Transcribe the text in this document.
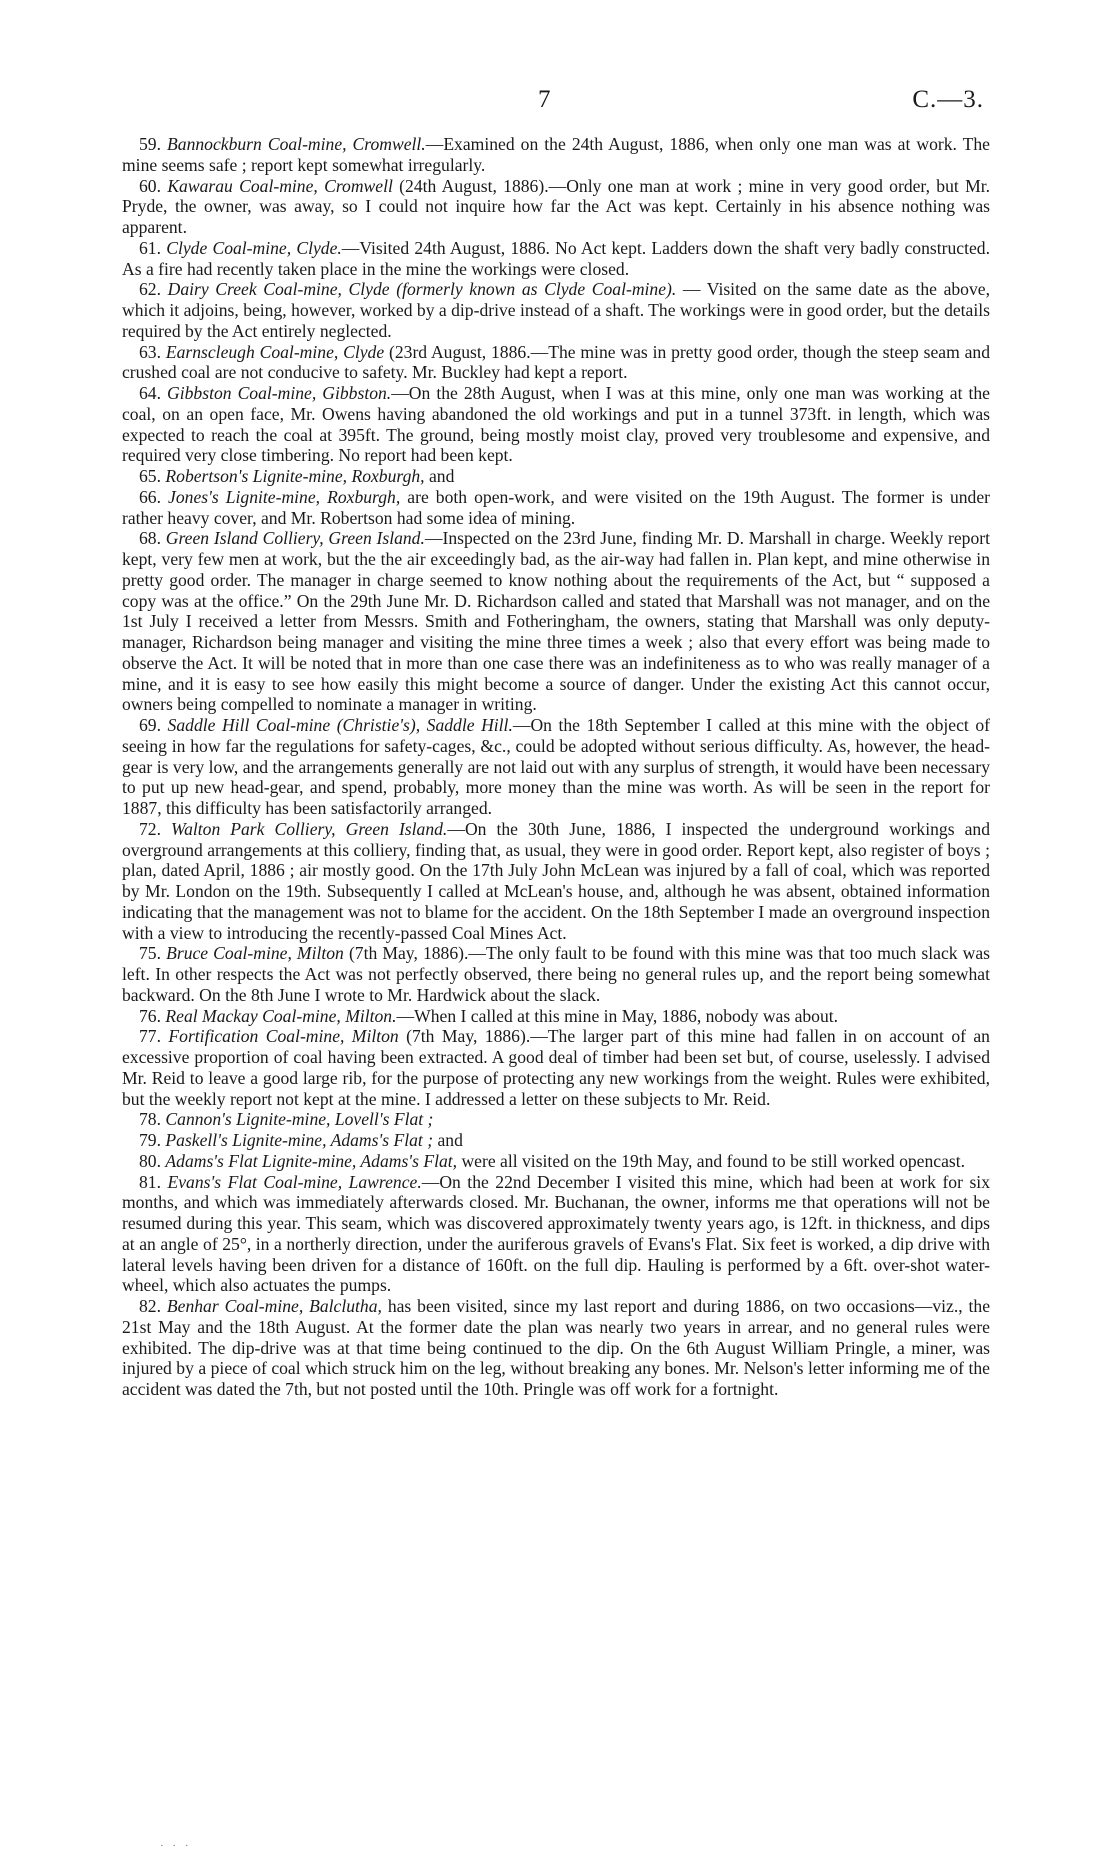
7	C.—3.

59. Bannockburn Coal-mine, Cromwell.—Examined on the 24th August, 1886, when only one man was at work. The mine seems safe ; report kept somewhat irregularly.

60. Kawarau Coal-mine, Cromwell (24th August, 1886).—Only one man at work ; mine in very good order, but Mr. Pryde, the owner, was away, so I could not inquire how far the Act was kept. Certainly in his absence nothing was apparent.

61. Clyde Coal-mine, Clyde.—Visited 24th August, 1886. No Act kept. Ladders down the shaft very badly constructed. As a fire had recently taken place in the mine the workings were closed.

62. Dairy Creek Coal-mine, Clyde (formerly known as Clyde Coal-mine). — Visited on the same date as the above, which it adjoins, being, however, worked by a dip-drive instead of a shaft. The workings were in good order, but the details required by the Act entirely neglected.

63. Earnscleugh Coal-mine, Clyde (23rd August, 1886.—The mine was in pretty good order, though the steep seam and crushed coal are not conducive to safety. Mr. Buckley had kept a report.

64. Gibbston Coal-mine, Gibbston.—On the 28th August, when I was at this mine, only one man was working at the coal, on an open face, Mr. Owens having abandoned the old workings and put in a tunnel 373ft. in length, which was expected to reach the coal at 395ft. The ground, being mostly moist clay, proved very troublesome and expensive, and required very close timbering. No report had been kept.

65. Robertson's Lignite-mine, Roxburgh, and

66. Jones's Lignite-mine, Roxburgh, are both open-work, and were visited on the 19th August. The former is under rather heavy cover, and Mr. Robertson had some idea of mining.

68. Green Island Colliery, Green Island.—Inspected on the 23rd June, finding Mr. D. Marshall in charge. Weekly report kept, very few men at work, but the the air exceedingly bad, as the air-way had fallen in. Plan kept, and mine otherwise in pretty good order. The manager in charge seemed to know nothing about the requirements of the Act, but “ supposed a copy was at the office.” On the 29th June Mr. D. Richardson called and stated that Marshall was not manager, and on the 1st July I received a letter from Messrs. Smith and Fotheringham, the owners, stating that Marshall was only deputy-manager, Richardson being manager and visiting the mine three times a week ; also that every effort was being made to observe the Act. It will be noted that in more than one case there was an indefiniteness as to who was really manager of a mine, and it is easy to see how easily this might become a source of danger. Under the existing Act this cannot occur, owners being compelled to nominate a manager in writing.

69. Saddle Hill Coal-mine (Christie's), Saddle Hill.—On the 18th September I called at this mine with the object of seeing in how far the regulations for safety-cages, &c., could be adopted without serious difficulty. As, however, the head-gear is very low, and the arrangements generally are not laid out with any surplus of strength, it would have been necessary to put up new head-gear, and spend, probably, more money than the mine was worth. As will be seen in the report for 1887, this difficulty has been satisfactorily arranged.

72. Walton Park Colliery, Green Island.—On the 30th June, 1886, I inspected the underground workings and overground arrangements at this colliery, finding that, as usual, they were in good order. Report kept, also register of boys ; plan, dated April, 1886 ; air mostly good. On the 17th July John McLean was injured by a fall of coal, which was reported by Mr. London on the 19th. Subsequently I called at McLean's house, and, although he was absent, obtained information indicating that the management was not to blame for the accident. On the 18th September I made an overground inspection with a view to introducing the recently-passed Coal Mines Act.

75. Bruce Coal-mine, Milton (7th May, 1886).—The only fault to be found with this mine was that too much slack was left. In other respects the Act was not perfectly observed, there being no general rules up, and the report being somewhat backward. On the 8th June I wrote to Mr. Hardwick about the slack.

76. Real Mackay Coal-mine, Milton.—When I called at this mine in May, 1886, nobody was about.

77. Fortification Coal-mine, Milton (7th May, 1886).—The larger part of this mine had fallen in on account of an excessive proportion of coal having been extracted. A good deal of timber had been set but, of course, uselessly. I advised Mr. Reid to leave a good large rib, for the purpose of protecting any new workings from the weight. Rules were exhibited, but the weekly report not kept at the mine. I addressed a letter on these subjects to Mr. Reid.

78. Cannon's Lignite-mine, Lovell's Flat ;

79. Paskell's Lignite-mine, Adams's Flat ; and

80. Adams's Flat Lignite-mine, Adams's Flat, were all visited on the 19th May, and found to be still worked opencast.

81. Evans's Flat Coal-mine, Lawrence.—On the 22nd December I visited this mine, which had been at work for six months, and which was immediately afterwards closed. Mr. Buchanan, the owner, informs me that operations will not be resumed during this year. This seam, which was discovered approximately twenty years ago, is 12ft. in thickness, and dips at an angle of 25°, in a northerly direction, under the auriferous gravels of Evans's Flat. Six feet is worked, a dip drive with lateral levels having been driven for a distance of 160ft. on the full dip. Hauling is performed by a 6ft. over-shot water-wheel, which also actuates the pumps.

82. Benhar Coal-mine, Balclutha, has been visited, since my last report and during 1886, on two occasions—viz., the 21st May and the 18th August. At the former date the plan was nearly two years in arrear, and no general rules were exhibited. The dip-drive was at that time being continued to the dip. On the 6th August William Pringle, a miner, was injured by a piece of coal which struck him on the leg, without breaking any bones. Mr. Nelson's letter informing me of the accident was dated the 7th, but not posted until the 10th. Pringle was off work for a fortnight.

· · ·
